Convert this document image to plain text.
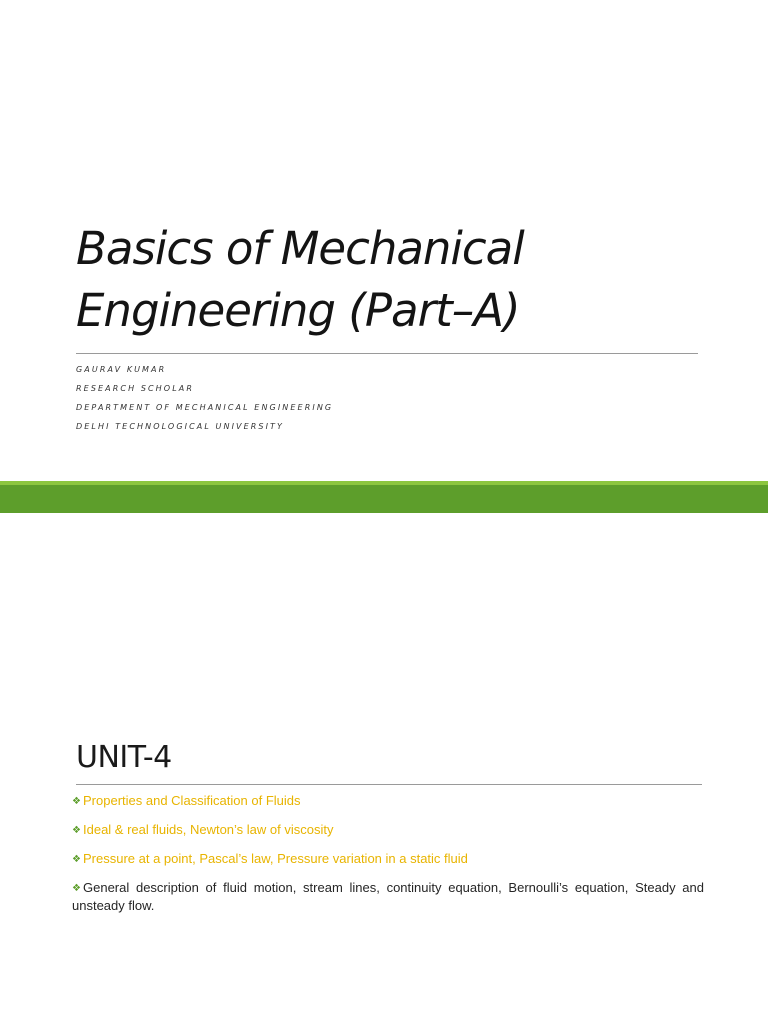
Basics of Mechanical
Engineering (Part–A)
GAURAV KUMAR
RESEARCH SCHOLAR
DEPARTMENT OF MECHANICAL ENGINEERING
DELHI TECHNOLOGICAL UNIVERSITY
UNIT-4
❖ Properties and Classification of Fluids
❖ Ideal & real fluids, Newton’s law of viscosity
❖ Pressure at a point, Pascal’s law, Pressure variation in a static fluid
❖ General description of fluid motion, stream lines, continuity equation, Bernoulli’s equation, Steady and unsteady flow.
